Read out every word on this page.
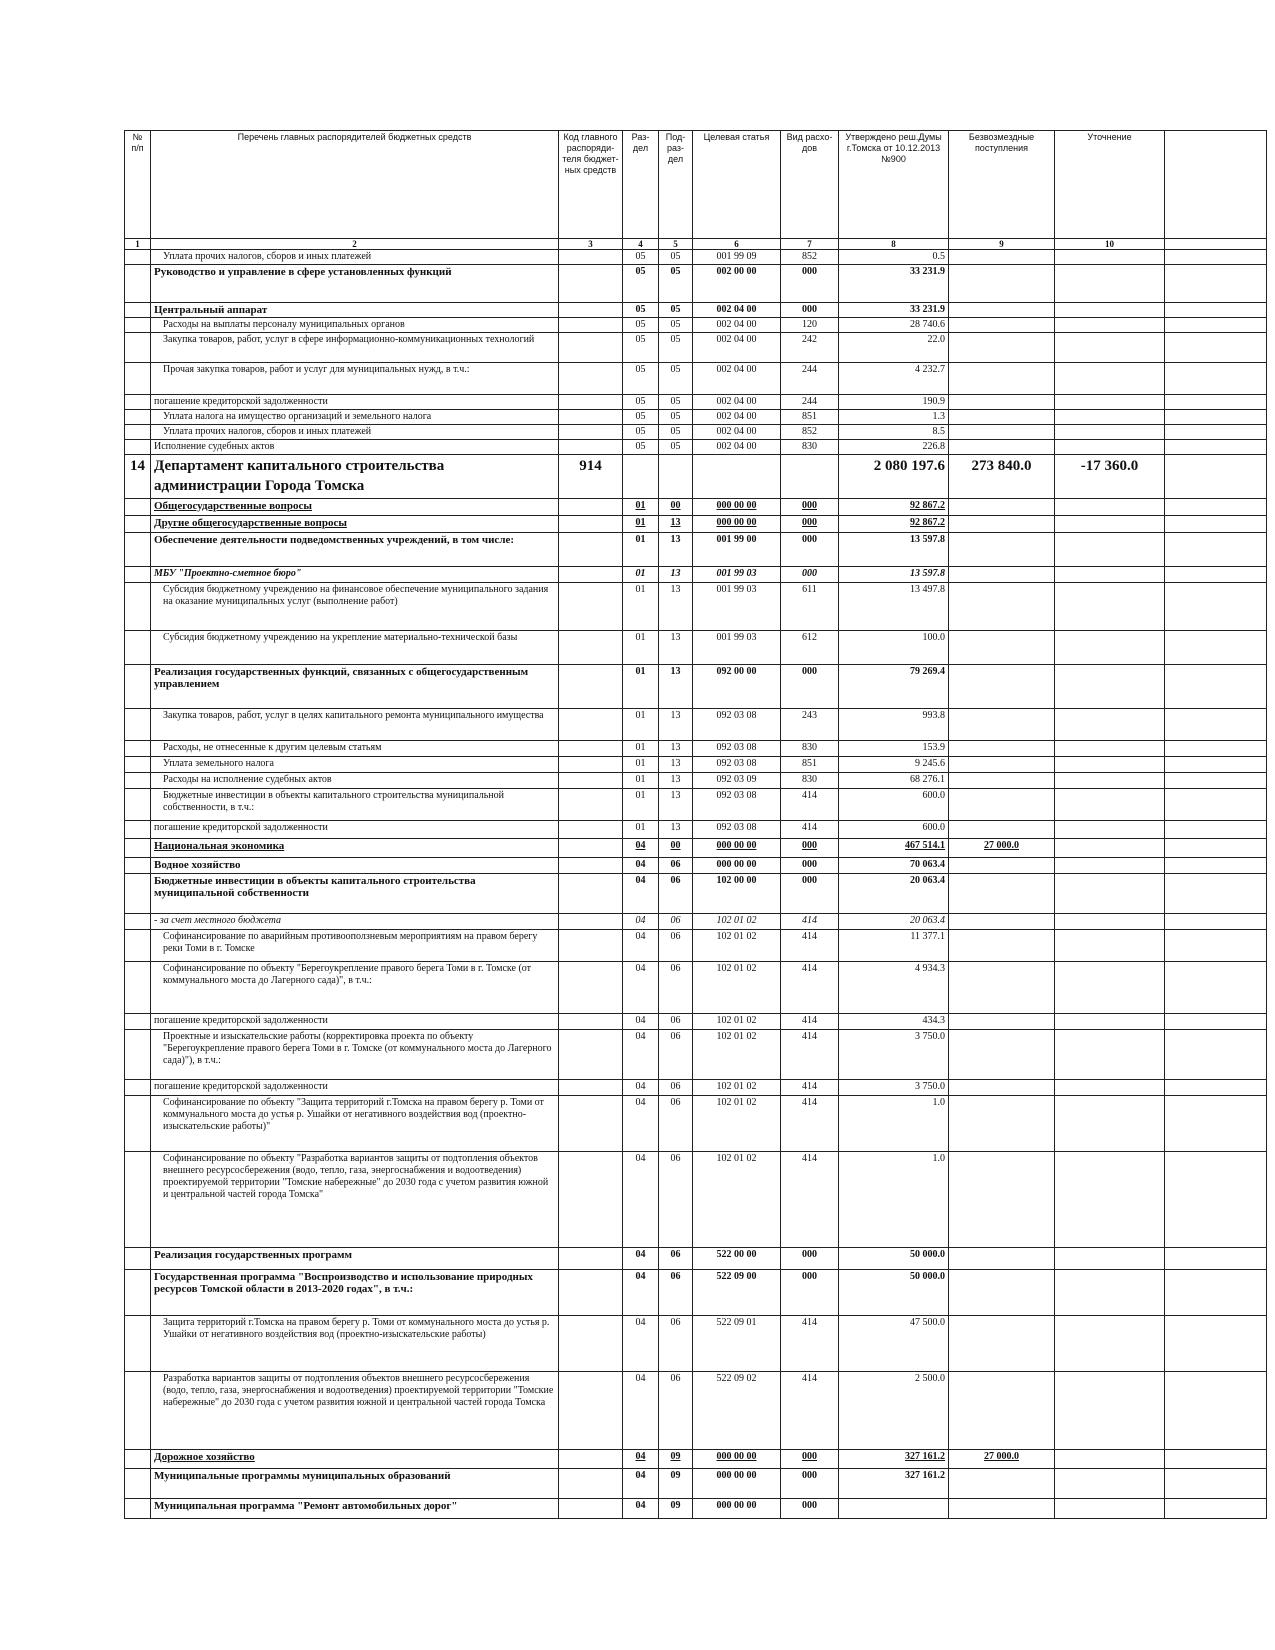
№ п/п	Перечень главных распорядителей бюджетных средств	Код главного распоряди-теля бюджет-ных средств	Раз-дел	Под-раз-дел	Целевая статья	Вид расхо-дов	Утверждено реш.Думы г.Томска от 10.12.2013 №900	Безвозмездные поступления	Уточнение	
1	2	3	4	5	6	7	8	9	10	
	Уплата прочих налогов, сборов и иных платежей		05	05	001 99 09	852	0.5			
	Руководство и управление в сфере установленных функций		05	05	002 00 00	000	33 231.9			
	Центральный аппарат		05	05	002 04 00	000	33 231.9			
	Расходы на выплаты персоналу муниципальных органов		05	05	002 04 00	120	28 740.6			
	Закупка товаров, работ, услуг в сфере информационно-коммуникационных технологий		05	05	002 04 00	242	22.0			
	Прочая закупка товаров, работ и услуг для муниципальных нужд, в т.ч.:		05	05	002 04 00	244	4 232.7			
	погашение кредиторской задолженности		05	05	002 04 00	244	190.9			
	Уплата налога на имущество организаций и земельного налога		05	05	002 04 00	851	1.3			
	Уплата прочих налогов, сборов и иных платежей		05	05	002 04 00	852	8.5			
	Исполнение судебных актов		05	05	002 04 00	830	226.8			
14	Департамент капитального строительства администрации Города Томска	914					2 080 197.6	273 840.0	-17 360.0	
	Общегосударственные вопросы		01	00	000 00 00	000	92 867.2			
	Другие общегосударственные вопросы		01	13	000 00 00	000	92 867.2			
	Обеспечение деятельности подведомственных учреждений, в том числе:		01	13	001 99 00	000	13 597.8			
	МБУ "Проектно-сметное бюро"		01	13	001 99 03	000	13 597.8			
	Субсидия бюджетному учреждению на финансовое обеспечение муниципального задания на оказание муниципальных услуг (выполнение работ)		01	13	001 99 03	611	13 497.8			
	Субсидия бюджетному учреждению на укрепление материально-технической базы		01	13	001 99 03	612	100.0			
	Реализация государственных функций, связанных с общегосударственным управлением		01	13	092 00 00	000	79 269.4			
	Закупка товаров, работ, услуг в целях капитального ремонта муниципального имущества		01	13	092 03 08	243	993.8			
	Расходы, не отнесенные к другим целевым статьям		01	13	092 03 08	830	153.9			
	Уплата земельного налога		01	13	092 03 08	851	9 245.6			
	Расходы на исполнение судебных актов		01	13	092 03 09	830	68 276.1			
	Бюджетные инвестиции в объекты капитального строительства муниципальной собственности, в т.ч.:		01	13	092 03 08	414	600.0			
	погашение кредиторской задолженности		01	13	092 03 08	414	600.0			
	Национальная экономика		04	00	000 00 00	000	467 514.1	27 000.0		
	Водное хозяйство		04	06	000 00 00	000	70 063.4			
	Бюджетные инвестиции в объекты капитального строительства муниципальной собственности		04	06	102 00 00	000	20 063.4			
	- за счет местного бюджета		04	06	102 01 02	414	20 063.4			
	Софинансирование по аварийным противооползневым мероприятиям на правом берегу реки Томи в г. Томске		04	06	102 01 02	414	11 377.1			
	Софинансирование по объекту "Берегоукрепление правого берега Томи в г. Томске (от коммунального моста до Лагерного сада)", в т.ч.:		04	06	102 01 02	414	4 934.3			
	погашение кредиторской задолженности		04	06	102 01 02	414	434.3			
	Проектные и изыскательские работы (корректировка проекта по объекту "Берегоукрепление правого берега Томи в г. Томске (от коммунального моста до Лагерного сада)"), в т.ч.:		04	06	102 01 02	414	3 750.0			
	погашение кредиторской задолженности		04	06	102 01 02	414	3 750.0			
	Софинансирование по объекту "Защита территорий г.Томска на правом берегу р. Томи от коммунального моста до устья р. Ушайки от негативного воздействия вод (проектно-изыскательские работы)"		04	06	102 01 02	414	1.0			
	Софинансирование по объекту "Разработка вариантов защиты от подтопления объектов внешнего ресурсосбережения (водо, тепло, газа, энергоснабжения и водоотведения) проектируемой территории "Томские набережные" до 2030 года с учетом развития южной и центральной частей города Томска"		04	06	102 01 02	414	1.0			
	Реализация государственных программ		04	06	522 00 00	000	50 000.0			
	Государственная программа "Воспроизводство и использование природных ресурсов Томской области в 2013-2020 годах", в т.ч.:		04	06	522 09 00	000	50 000.0			
	Защита территорий г.Томска на правом берегу р. Томи от коммунального моста до устья р. Ушайки от негативного воздействия вод (проектно-изыскательские работы)		04	06	522 09 01	414	47 500.0			
	Разработка вариантов защиты от подтопления объектов внешнего ресурсосбережения (водо, тепло, газа, энергоснабжения и водоотведения) проектируемой территории "Томские набережные" до 2030 года с учетом развития южной и центральной частей города Томска		04	06	522 09 02	414	2 500.0			
	Дорожное хозяйство		04	09	000 00 00	000	327 161.2	27 000.0		
	Муниципальные программы муниципальных образований		04	09	000 00 00	000	327 161.2			
	Муниципальная программа "Ремонт автомобильных дорог"		04	09	000 00 00	000				
